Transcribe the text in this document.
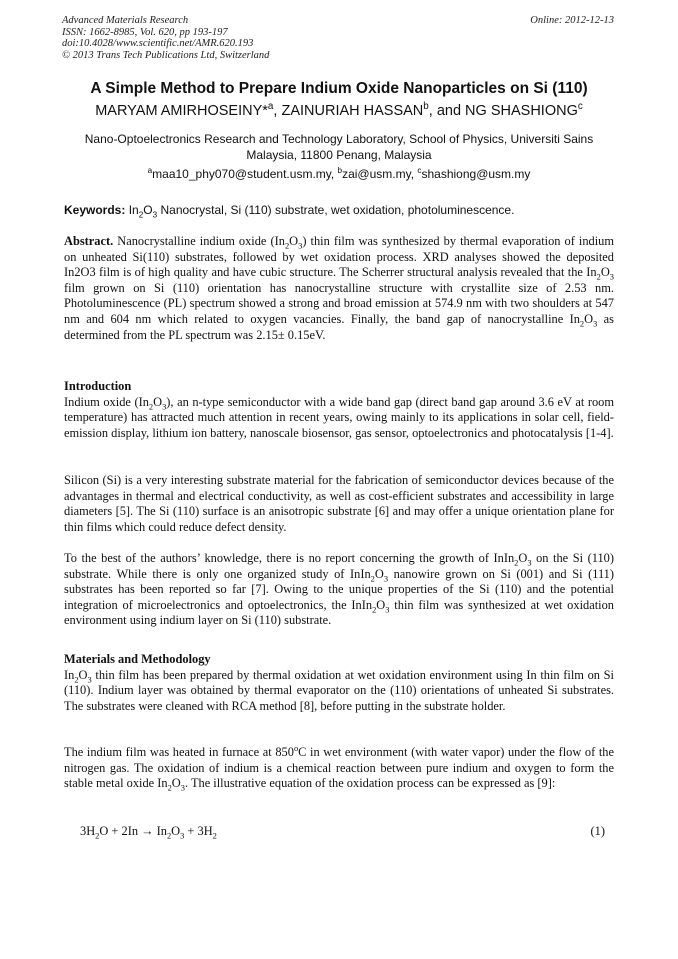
Advanced Materials Research
ISSN: 1662-8985, Vol. 620, pp 193-197
doi:10.4028/www.scientific.net/AMR.620.193
© 2013 Trans Tech Publications Ltd, Switzerland
Online: 2012-12-13
A Simple Method to Prepare Indium Oxide Nanoparticles on Si (110)
MARYAM AMIRHOSEINY*$^a$, ZAINURIAH HASSAN$^b$, and NG SHASHIONG$^c$
Nano-Optoelectronics Research and Technology Laboratory, School of Physics, Universiti Sains Malaysia, 11800 Penang, Malaysia
$^a$maa10_phy070@student.usm.my, $^b$zai@usm.my, $^c$shashiong@usm.my
Keywords: $In_2O_3$ Nanocrystal, Si (110) substrate, wet oxidation, photoluminescence.

Abstract. Nanocrystalline indium oxide $(In_2O_3)$ thin film was synthesized by thermal evaporation of indium on unheated Si(110) substrates, followed by wet oxidation process. XRD analyses showed the deposited In2O3 film is of high quality and have cubic structure. The Scherrer structural analysis revealed that the $In_2O_3$ film grown on Si (110) orientation has nanocrystalline structure with crystallite size of 2.53 nm. Photoluminescence (PL) spectrum showed a strong and broad emission at 574.9 nm with two shoulders at 547 nm and 604 nm which related to oxygen vacancies. Finally, the band gap of nanocrystalline $In_2O_3$ as determined from the PL spectrum was 2.15± 0.15eV.

Introduction

Indium oxide $(In_2O_3)$, an n-type semiconductor with a wide band gap (direct band gap around 3.6 eV at room temperature) has attracted much attention in recent years, owing mainly to its applications in solar cell, field-emission display, lithium ion battery, nanoscale biosensor, gas sensor, optoelectronics and photocatalysis [1-4].

Silicon (Si) is a very interesting substrate material for the fabrication of semiconductor devices because of the advantages in thermal and electrical conductivity, as well as cost-efficient substrates and accessibility in large diameters [5]. The Si (110) surface is an anisotropic substrate [6] and may offer a unique orientation plane for thin films which could reduce defect density.

To the best of the authors’ knowledge, there is no report concerning the growth of $InIn_2O_3$ on the Si (110) substrate. While there is only one organized study of $InIn_2O_3$ nanowire grown on Si (001) and Si (111) substrates has been reported so far [7]. Owing to the unique properties of the Si (110) and the potential integration of microelectronics and optoelectronics, the $InIn_2O_3$ thin film was synthesized at wet oxidation environment using indium layer on Si (110) substrate.

Materials and Methodology

$In_2O_3$ thin film has been prepared by thermal oxidation at wet oxidation environment using In thin film on Si (110). Indium layer was obtained by thermal evaporator on the (110) orientations of unheated Si substrates. The substrates were cleaned with RCA method [8], before putting in the substrate holder.

The indium film was heated in furnace at 850$^o$C in wet environment (with water vapor) under the flow of the nitrogen gas. The oxidation of indium is a chemical reaction between pure indium and oxygen to form the stable metal oxide $In_2O_3$. The illustrative equation of the oxidation process can be expressed as [9]:

$3H_2O + 2In \to In_2O_3 + 3H_2$	(1)
